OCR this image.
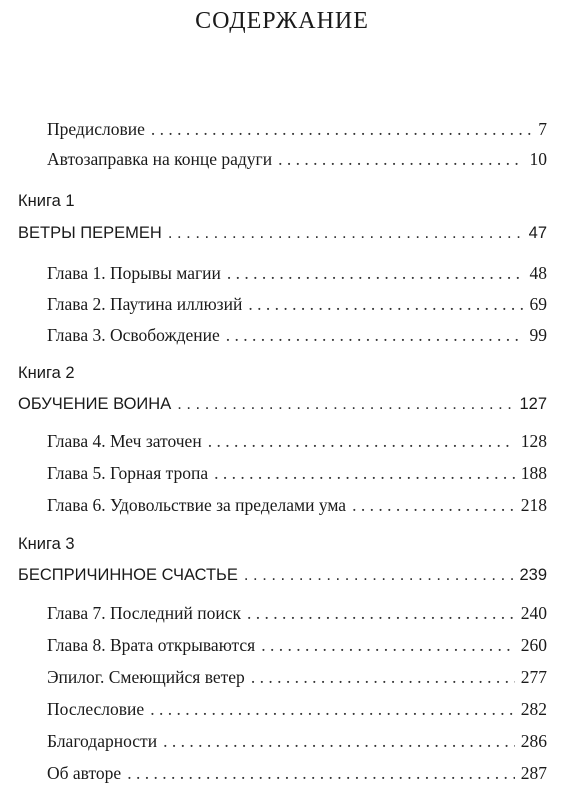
СОДЕРЖАНИЕ
Предисловие . . .	7
Автозаправка на конце радуги . . .	10
Книга 1
ВЕТРЫ ПЕРЕМЕН . . .	47
Глава 1. Порывы магии . . .	48
Глава 2. Паутина иллюзий . . .	69
Глава 3. Освобождение . . .	99
Книга 2
ОБУЧЕНИЕ ВОИНА . . .	127
Глава 4. Меч заточен . . .	128
Глава 5. Горная тропа . . .	188
Глава 6. Удовольствие за пределами ума . . .	218
Книга 3
БЕСПРИЧИННОЕ СЧАСТЬЕ . . .	239
Глава 7. Последний поиск . . .	240
Глава 8. Врата открываются . . .	260
Эпилог. Смеющийся ветер . . .	277
Послесловие . . .	282
Благодарности . . .	286
Об авторе . . .	287
